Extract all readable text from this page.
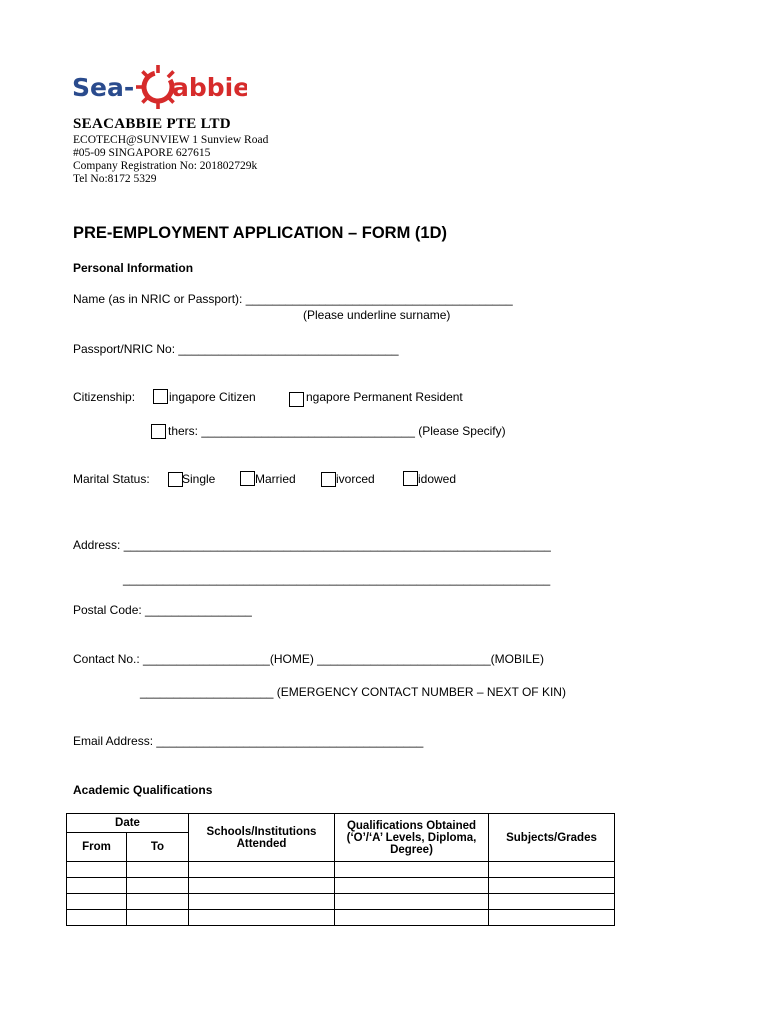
Sea- abbie
SEACABBIE PTE LTD
ECOTECH@SUNVIEW 1 Sunview Road
#05-09 SINGAPORE 627615
Company Registration No: 201802729k
Tel No:8172 5329
PRE-EMPLOYMENT APPLICATION – FORM (1D)
Personal Information
Name (as in NRIC or Passport): ________________________________________
(Please underline surname)
Passport/NRIC No: _________________________________
Citizenship:	ingapore Citizen	ngapore Permanent Resident
thers: ________________________________ (Please Specify)
Marital Status:	Single	Married	ivorced	idowed
Address: ________________________________________________________________
________________________________________________________________
Postal Code: ________________
Contact No.: ___________________(HOME) __________________________(MOBILE)
____________________ (EMERGENCY CONTACT NUMBER – NEXT OF KIN)
Email Address: ________________________________________
Academic Qualifications
Date		Schools/Institutions Attended	Qualifications Obtained (‘O’/‘A’ Levels, Diploma, Degree)	Subjects/Grades
From	To			
